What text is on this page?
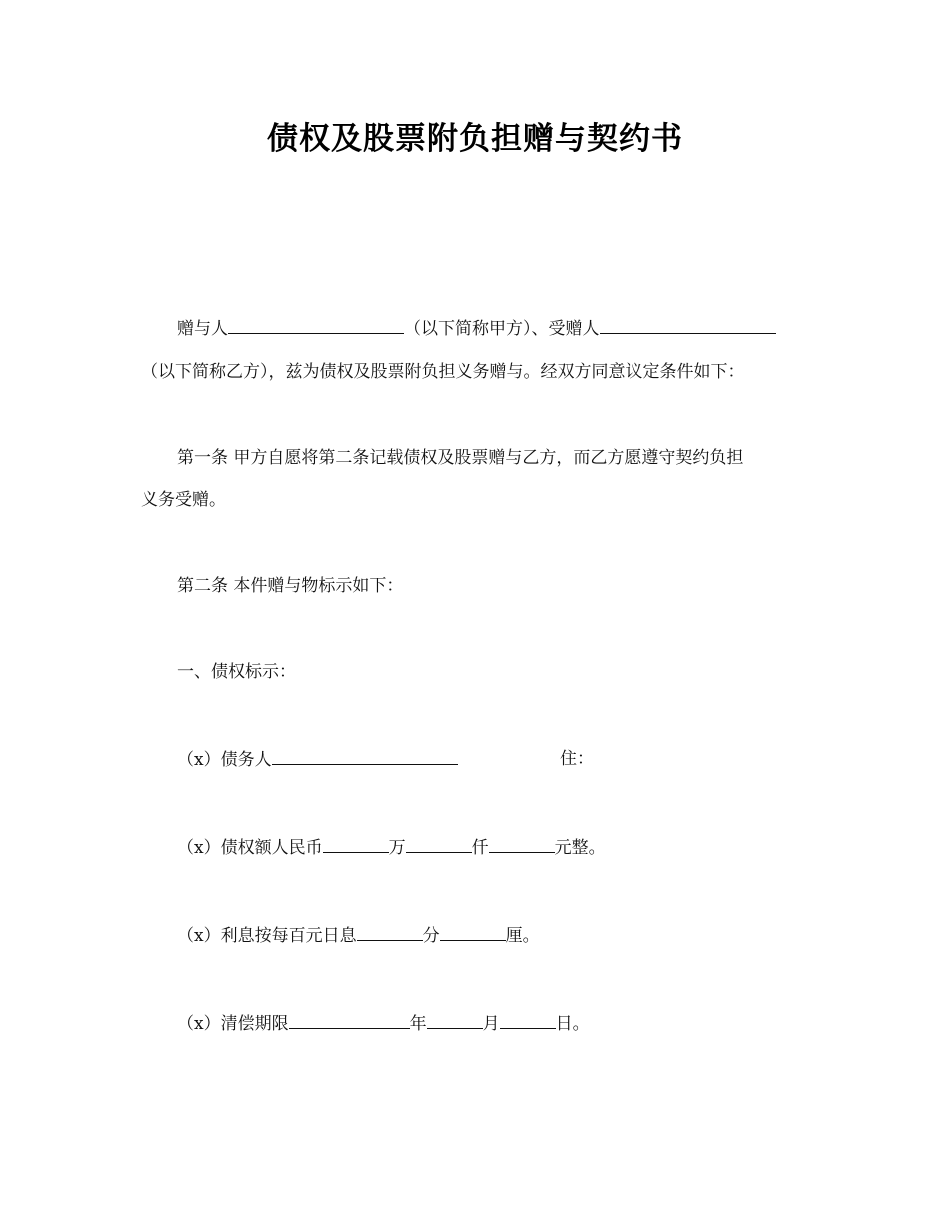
债权及股票附负担赠与契约书
赠与人	（以下简称甲方）、受赠人
（以下简称乙方），兹为债权及股票附负担义务赠与。经双方同意议定条件如下：
第一条 甲方自愿将第二条记载债权及股票赠与乙方，而乙方愿遵守契约负担
义务受赠。
第二条 本件赠与物标示如下：
一、债权标示：
（x）债务人	住：
（x）债权额人民币	万	仟	元整。
（x）利息按每百元日息	分	厘。
（x）清偿期限	年	月	日。
